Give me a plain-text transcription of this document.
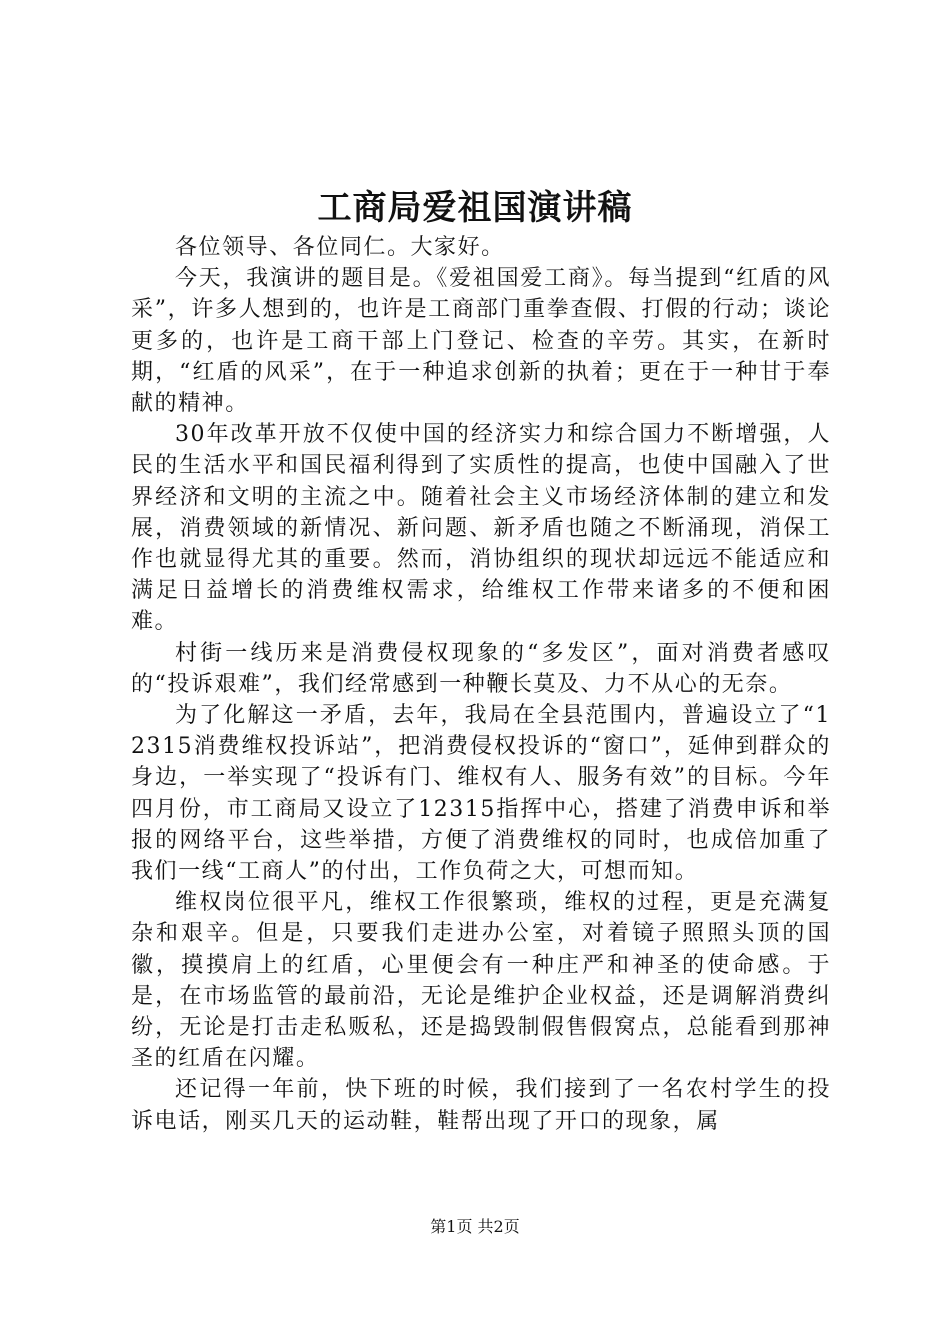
工商局爱祖国演讲稿

各位领导、各位同仁。大家好。

今天，我演讲的题目是。《爱祖国爱工商》。每当提到“红盾的风采”，许多人想到的，也许是工商部门重拳查假、打假的行动；谈论更多的，也许是工商干部上门登记、检查的辛劳。其实，在新时期，“红盾的风采”，在于一种追求创新的执着；更在于一种甘于奉献的精神。

30年改革开放不仅使中国的经济实力和综合国力不断增强，人民的生活水平和国民福利得到了实质性的提高，也使中国融入了世界经济和文明的主流之中。随着社会主义市场经济体制的建立和发展，消费领域的新情况、新问题、新矛盾也随之不断涌现，消保工作也就显得尤其的重要。然而，消协组织的现状却远远不能适应和满足日益增长的消费维权需求，给维权工作带来诸多的不便和困难。

村街一线历来是消费侵权现象的“多发区”，面对消费者感叹的“投诉艰难”，我们经常感到一种鞭长莫及、力不从心的无奈。

为了化解这一矛盾，去年，我局在全县范围内，普遍设立了“12315消费维权投诉站”，把消费侵权投诉的“窗口”，延伸到群众的身边，一举实现了“投诉有门、维权有人、服务有效”的目标。今年四月份，市工商局又设立了12315指挥中心，搭建了消费申诉和举报的网络平台，这些举措，方便了消费维权的同时，也成倍加重了我们一线“工商人”的付出，工作负荷之大，可想而知。

维权岗位很平凡，维权工作很繁琐，维权的过程，更是充满复杂和艰辛。但是，只要我们走进办公室，对着镜子照照头顶的国徽，摸摸肩上的红盾，心里便会有一种庄严和神圣的使命感。于是，在市场监管的最前沿，无论是维护企业权益，还是调解消费纠纷，无论是打击走私贩私，还是捣毁制假售假窝点，总能看到那神圣的红盾在闪耀。

还记得一年前，快下班的时候，我们接到了一名农村学生的投诉电话，刚买几天的运动鞋，鞋帮出现了开口的现象，属

第1页 共2页
